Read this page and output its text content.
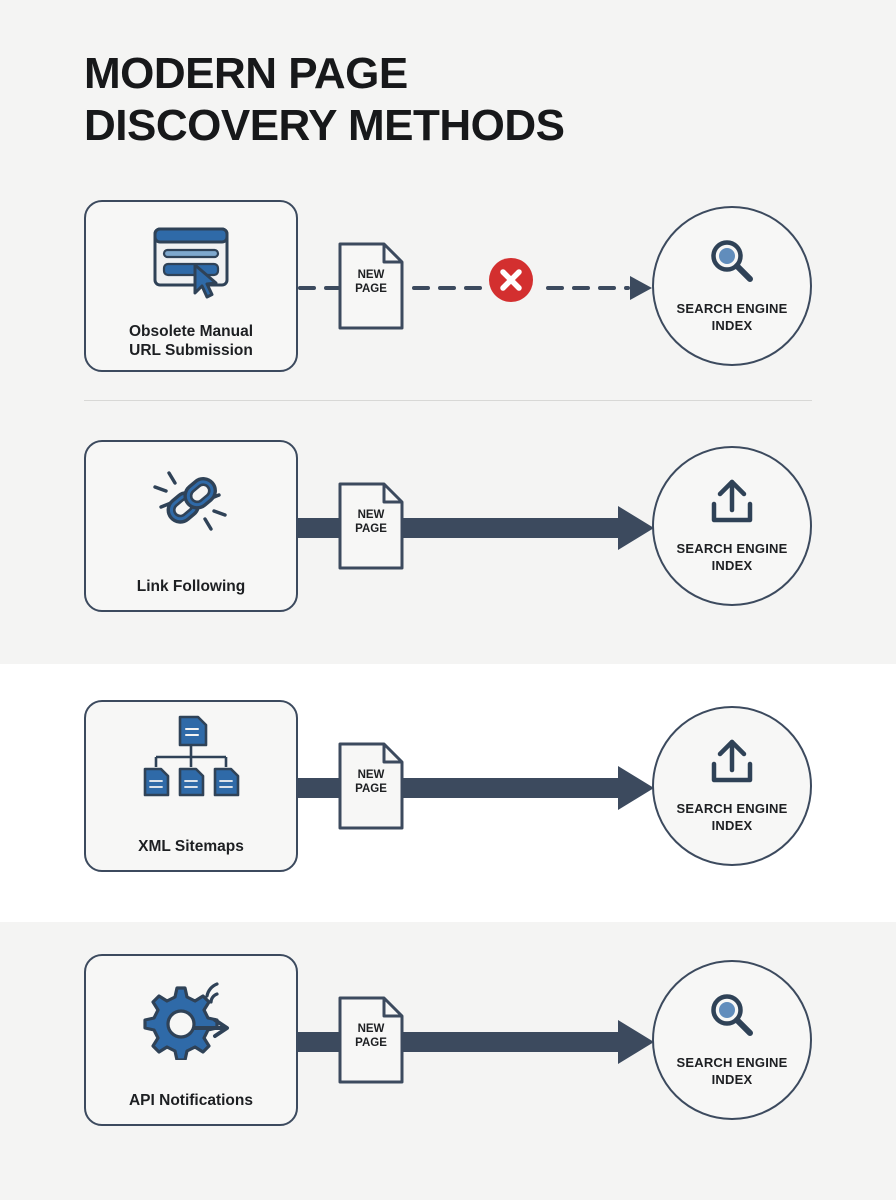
MODERN PAGE
DISCOVERY METHODS
Obsolete Manual
URL Submission
NEW
PAGE
SEARCH ENGINE
INDEX
Link Following
NEW
PAGE
SEARCH ENGINE
INDEX
XML Sitemaps
NEW
PAGE
SEARCH ENGINE
INDEX
API Notifications
NEW
PAGE
SEARCH ENGINE
INDEX
